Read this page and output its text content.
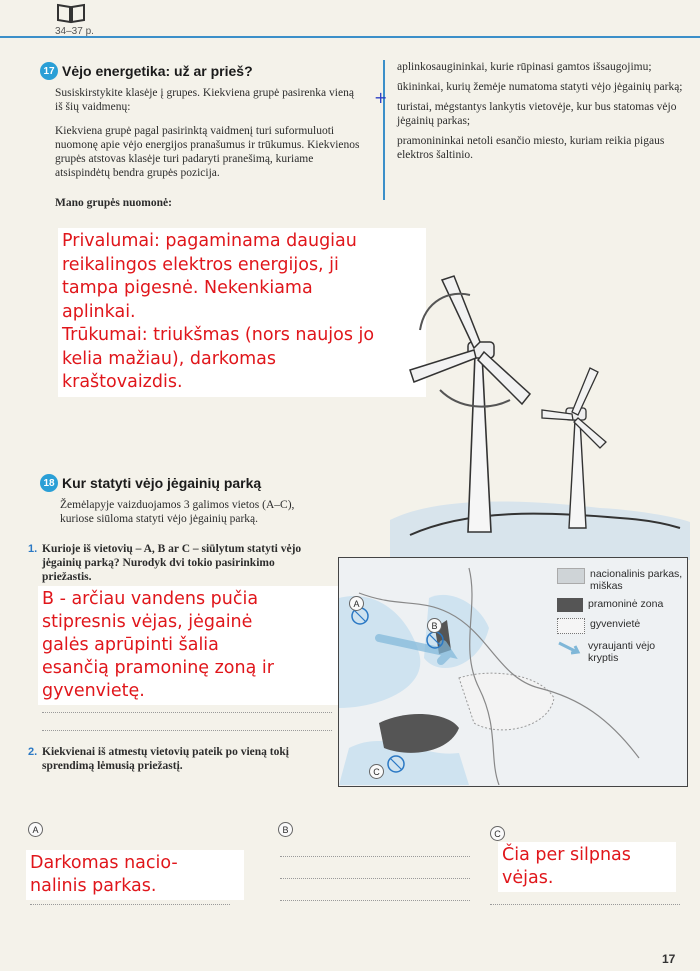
34–37 p.
17 Vėjo energetika: už ar prieš?
Susiskirstykite klasėje į grupes. Kiekviena grupė pasirenka vieną iš šių vaidmenų:
Kiekviena grupė pagal pasirinktą vaidmenį turi suformuluoti nuomonę apie vėjo energijos pranašumus ir trūkumus. Kiekvienos grupės atstovas klasėje turi padaryti pranešimą, kuriame atsispindėtų bendra grupės pozicija.
Mano grupės nuomonė:
aplinkosaugininkai, kurie rūpinasi gamtos išsaugojimu;
ūkininkai, kurių žemėje numatoma statyti vėjo jėgainių parką;
turistai, mėgstantys lankytis vietovėje, kur bus statomas vėjo jėgainių parkas;
pramonininkai netoli esančio miesto, kuriam reikia pigaus elektros šaltinio.
+
Privalumai: pagaminama daugiau
reikalingos elektros energijos, ji
tampa pigesnė. Nekenkiama
aplinkai.
Trūkumai: triukšmas (nors naujos jo
kelia mažiau), darkomas
kraštovaizdis.
18 Kur statyti vėjo jėgainių parką
Žemėlapyje vaizduojamos 3 galimos vietos (A–C), kuriose siūloma statyti vėjo jėgainių parką.
1. Kurioje iš vietovių – A, B ar C – siūlytum statyti vėjo jėgainių parką? Nurodyk dvi tokio pasirinkimo priežastis.
B - arčiau vandens pučia
stipresnis vėjas, jėgainė
galės aprūpinti šalia
esančią pramoninę zoną ir
gyvenvietę.
2. Kiekvienai iš atmestų vietovių pateik po vieną tokį sprendimą lėmusią priežastį.
A
B
C
nacionalinis parkas, miškas
pramoninė zona
gyvenvietė
vyraujanti vėjo kryptis
A	B	C
Darkomas nacio-
nalinis parkas.
Čia per silpnas
vėjas.
17
